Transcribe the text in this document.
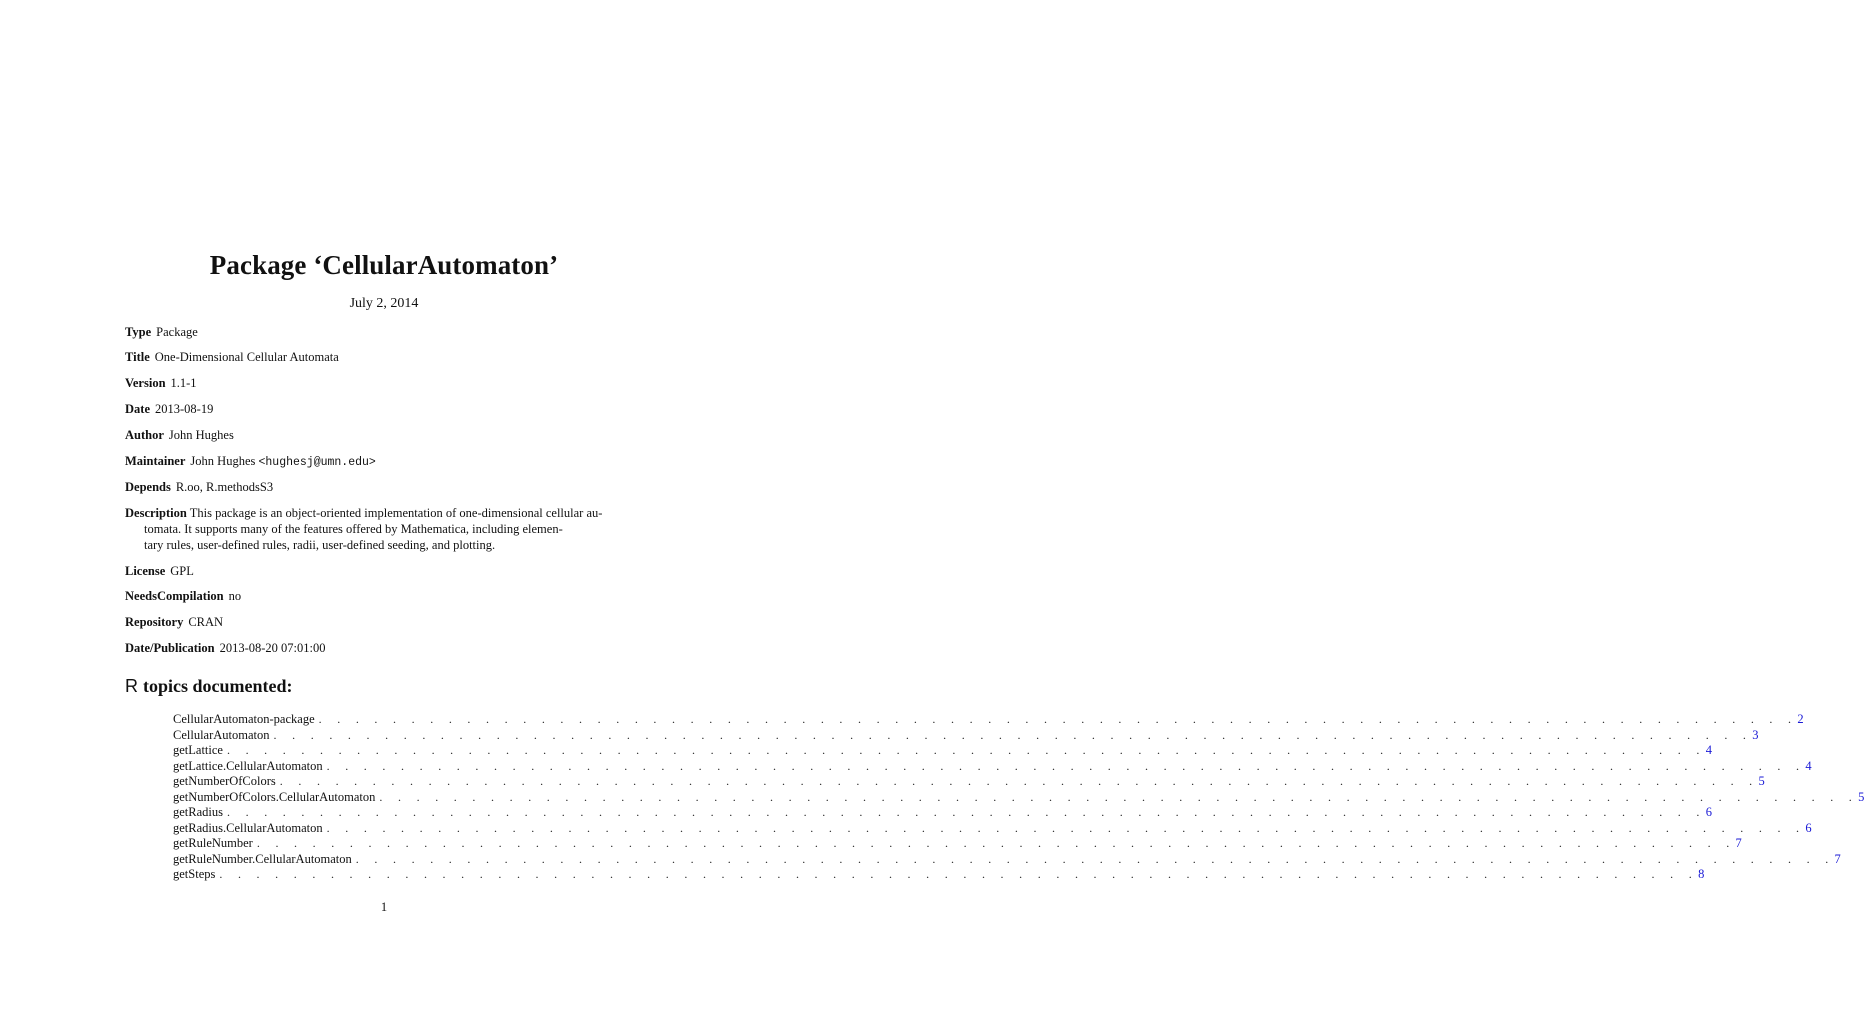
Package ‘CellularAutomaton’
July 2, 2014
Type Package
Title One-Dimensional Cellular Automata
Version 1.1-1
Date 2013-08-19
Author John Hughes
Maintainer John Hughes <hughesj@umn.edu>
Depends R.oo, R.methodsS3
Description This package is an object-oriented implementation of one-dimensional cellular au-
tomata. It supports many of the features offered by Mathematica, including elemen-
tary rules, user-defined rules, radii, user-defined seeding, and plotting.
License GPL
NeedsCompilation no
Repository CRAN
Date/Publication 2013-08-20 07:01:00
R topics documented:
CellularAutomaton-package . . . . . . . . . . . . . . . . . . . . . . . . . . . . . . . . . . . . . . . . . . . . . . . . . . . . . . . . . . . . . . . . . . . . . . . . . . . . . . . . 2
CellularAutomaton . . . . . . . . . . . . . . . . . . . . . . . . . . . . . . . . . . . . . . . . . . . . . . . . . . . . . . . . . . . . . . . . . . . . . . . . . . . . . . . . 3
getLattice . . . . . . . . . . . . . . . . . . . . . . . . . . . . . . . . . . . . . . . . . . . . . . . . . . . . . . . . . . . . . . . . . . . . . . . . . . . . . . . . 4
getLattice.CellularAutomaton . . . . . . . . . . . . . . . . . . . . . . . . . . . . . . . . . . . . . . . . . . . . . . . . . . . . . . . . . . . . . . . . . . . . . . . . . . . . . . . . 4
getNumberOfColors . . . . . . . . . . . . . . . . . . . . . . . . . . . . . . . . . . . . . . . . . . . . . . . . . . . . . . . . . . . . . . . . . . . . . . . . . . . . . . . . 5
getNumberOfColors.CellularAutomaton . . . . . . . . . . . . . . . . . . . . . . . . . . . . . . . . . . . . . . . . . . . . . . . . . . . . . . . . . . . . . . . . . . . . . . . . . . . . . . . . 5
getRadius . . . . . . . . . . . . . . . . . . . . . . . . . . . . . . . . . . . . . . . . . . . . . . . . . . . . . . . . . . . . . . . . . . . . . . . . . . . . . . . . 6
getRadius.CellularAutomaton . . . . . . . . . . . . . . . . . . . . . . . . . . . . . . . . . . . . . . . . . . . . . . . . . . . . . . . . . . . . . . . . . . . . . . . . . . . . . . . . 6
getRuleNumber . . . . . . . . . . . . . . . . . . . . . . . . . . . . . . . . . . . . . . . . . . . . . . . . . . . . . . . . . . . . . . . . . . . . . . . . . . . . . . . . 7
getRuleNumber.CellularAutomaton . . . . . . . . . . . . . . . . . . . . . . . . . . . . . . . . . . . . . . . . . . . . . . . . . . . . . . . . . . . . . . . . . . . . . . . . . . . . . . . . 7
getSteps . . . . . . . . . . . . . . . . . . . . . . . . . . . . . . . . . . . . . . . . . . . . . . . . . . . . . . . . . . . . . . . . . . . . . . . . . . . . . . . . 8
1
